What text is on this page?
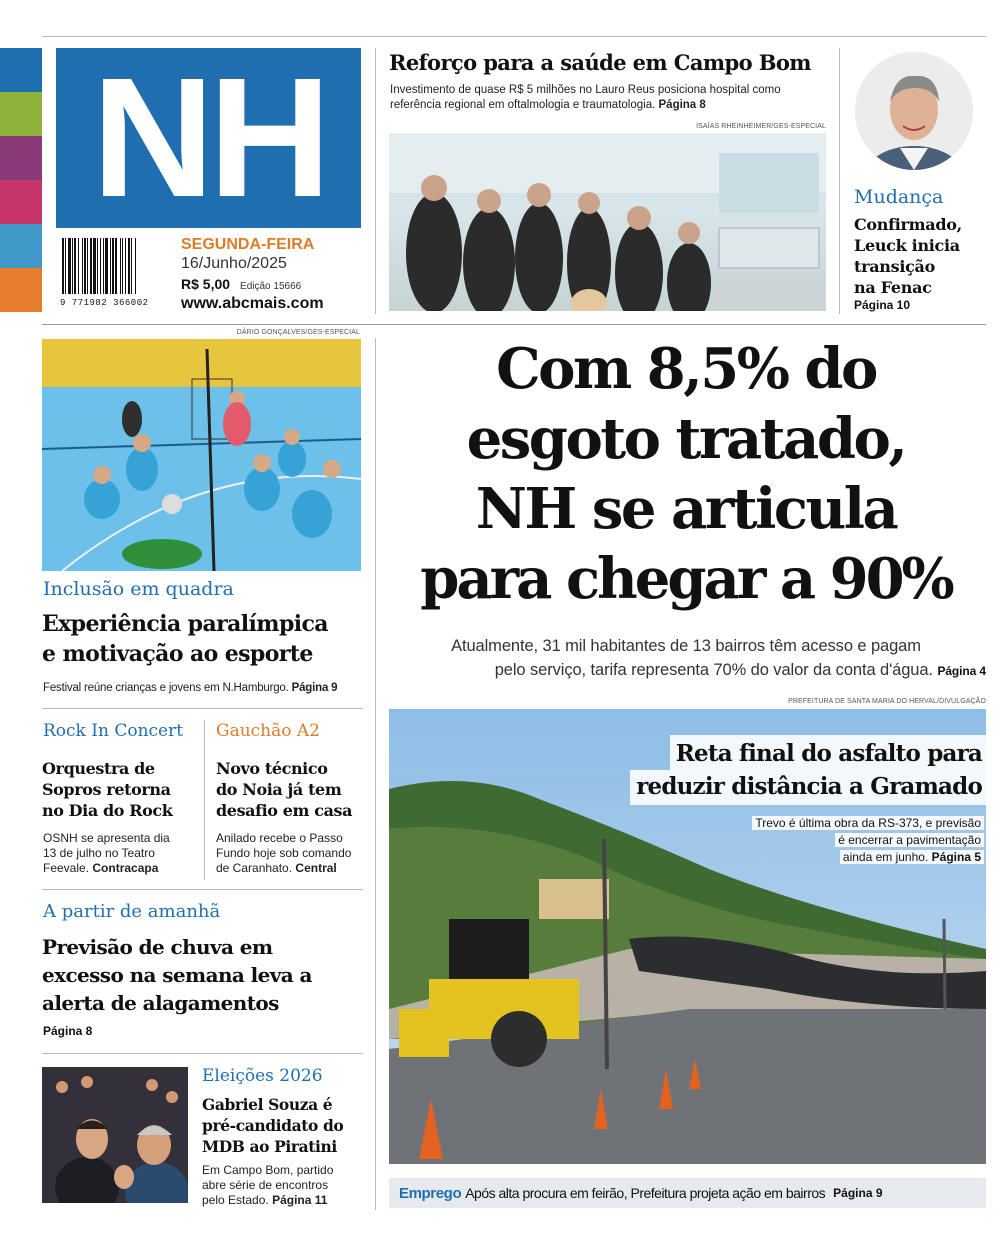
NH
9 771982 366002
SEGUNDA-FEIRA
16/Junho/2025
R$ 5,00 Edição 15666
www.abcmais.com
Reforço para a saúde em Campo Bom
Investimento de quase R$ 5 milhões no Lauro Reus posiciona hospital como referência regional em oftalmologia e traumatologia. Página 8
ISAÍAS RHEINHEIMER/GES-ESPECIAL
Mudança
Confirmado,
Leuck inicia
transição
na Fenac
Página 10
DÁRIO GONÇALVES/GES-ESPECIAL
Inclusão em quadra
Experiência paralímpica
e motivação ao esporte
Festival reúne crianças e jovens em N.Hamburgo. Página 9
Rock In Concert
Orquestra de
Sopros retorna
no Dia do Rock
OSNH se apresenta dia
13 de julho no Teatro
Feevale. Contracapa
Gauchão A2
Novo técnico
do Noia já tem
desafio em casa
Anilado recebe o Passo
Fundo hoje sob comando
de Caranhato. Central
A partir de amanhã
Previsão de chuva em
excesso na semana leva a
alerta de alagamentos
Página 8
Eleições 2026
Gabriel Souza é
pré-candidato do
MDB ao Piratini
Em Campo Bom, partido
abre série de encontros
pelo Estado. Página 11
Com 8,5% do
esgoto tratado,
NH se articula
para chegar a 90%
Atualmente, 31 mil habitantes de 13 bairros têm acesso e pagam
pelo serviço, tarifa representa 70% do valor da conta d'água. Página 4
PREFEITURA DE SANTA MARIA DO HERVAL/DIVULGAÇÃO
Reta final do asfalto para
reduzir distância a Gramado
Trevo é última obra da RS-373, e previsão
é encerrar a pavimentação
ainda em junho. Página 5
Emprego Após alta procura em feirão, Prefeitura projeta ação em bairros Página 9
